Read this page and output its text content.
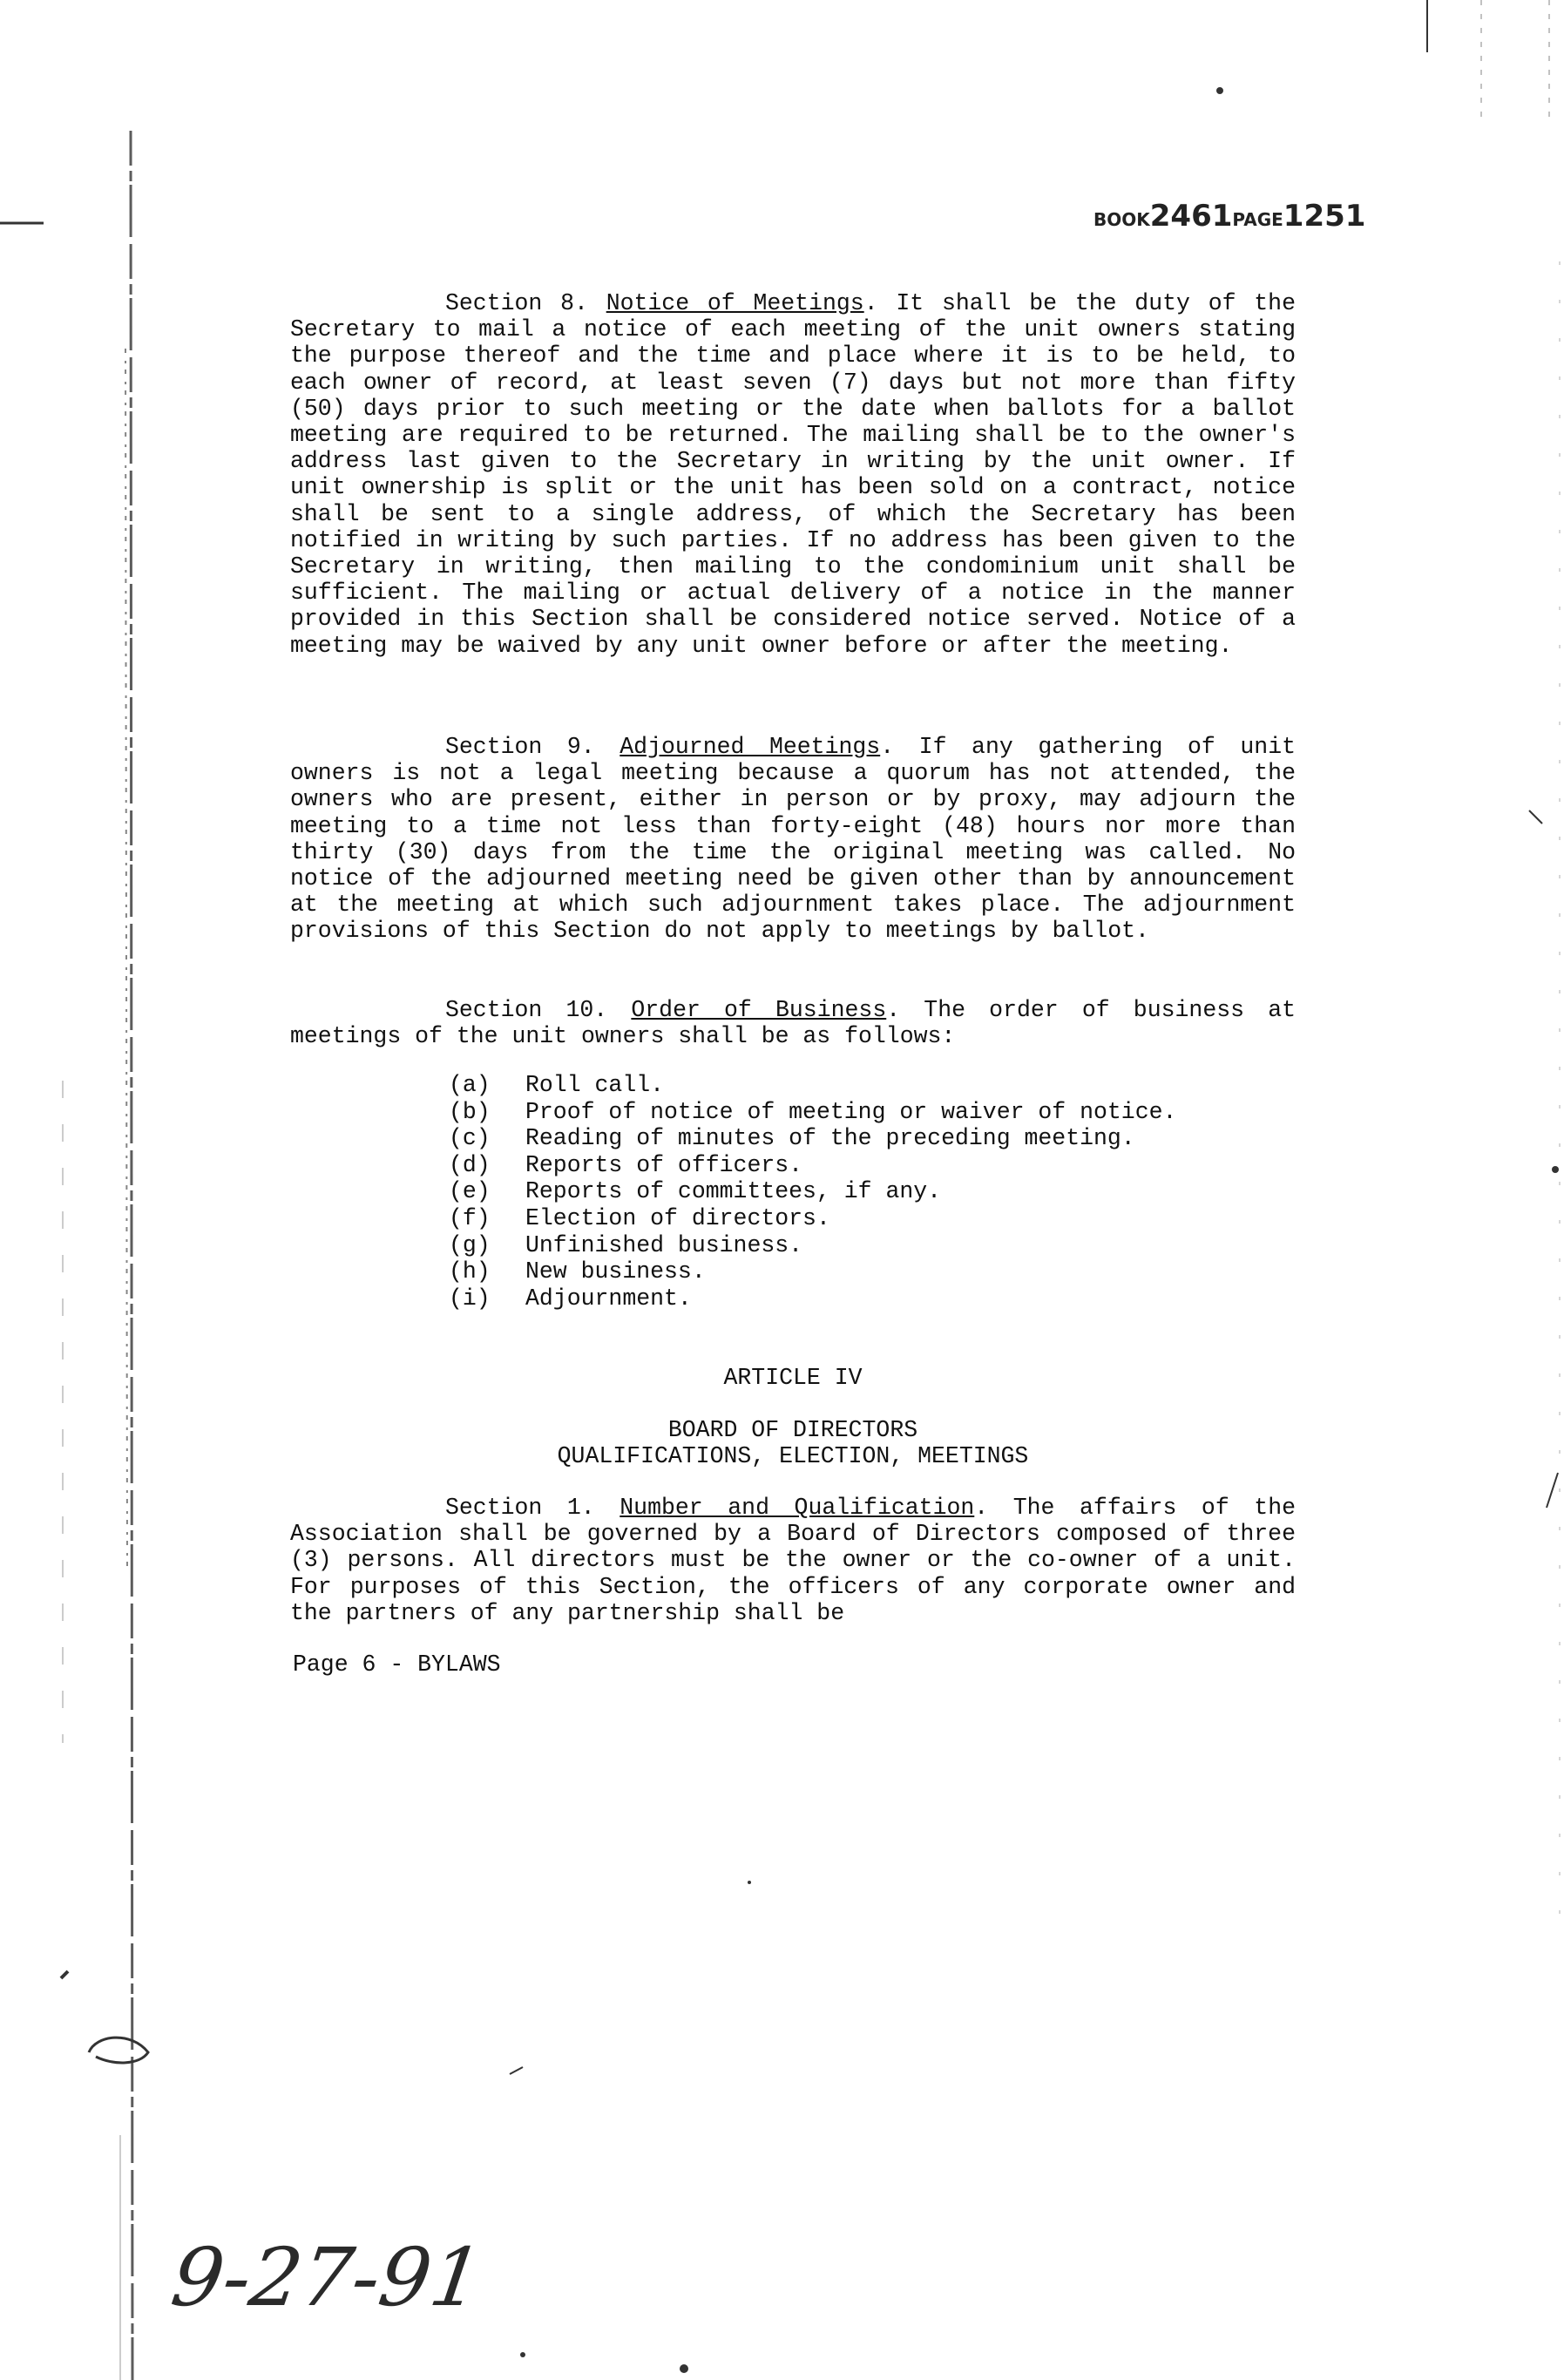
BOOK2461PAGE1251

Section 8. Notice of Meetings. It shall be the duty of the Secretary to mail a notice of each meeting of the unit owners stating the purpose thereof and the time and place where it is to be held, to each owner of record, at least seven (7) days but not more than fifty (50) days prior to such meeting or the date when ballots for a ballot meeting are required to be returned. The mailing shall be to the owner's address last given to the Secretary in writing by the unit owner. If unit ownership is split or the unit has been sold on a contract, notice shall be sent to a single address, of which the Secretary has been notified in writing by such parties. If no address has been given to the Secretary in writing, then mailing to the condominium unit shall be sufficient. The mailing or actual delivery of a notice in the manner provided in this Section shall be considered notice served. Notice of a meeting may be waived by any unit owner before or after the meeting.

Section 9. Adjourned Meetings. If any gathering of unit owners is not a legal meeting because a quorum has not attended, the owners who are present, either in person or by proxy, may adjourn the meeting to a time not less than forty-eight (48) hours nor more than thirty (30) days from the time the original meeting was called. No notice of the adjourned meeting need be given other than by announcement at the meeting at which such adjournment takes place. The adjournment provisions of this Section do not apply to meetings by ballot.

Section 10. Order of Business. The order of business at meetings of the unit owners shall be as follows:

(a)	Roll call.
(b)	Proof of notice of meeting or waiver of notice.
(c)	Reading of minutes of the preceding meeting.
(d)	Reports of officers.
(e)	Reports of committees, if any.
(f)	Election of directors.
(g)	Unfinished business.
(h)	New business.
(i)	Adjournment.
ARTICLE IV
BOARD OF DIRECTORS
QUALIFICATIONS, ELECTION, MEETINGS

Section 1. Number and Qualification. The affairs of the Association shall be governed by a Board of Directors composed of three (3) persons. All directors must be the owner or the co-owner of a unit. For purposes of this Section, the officers of any corporate owner and the partners of any partnership shall be

Page 6 - BYLAWS
9-27-91
